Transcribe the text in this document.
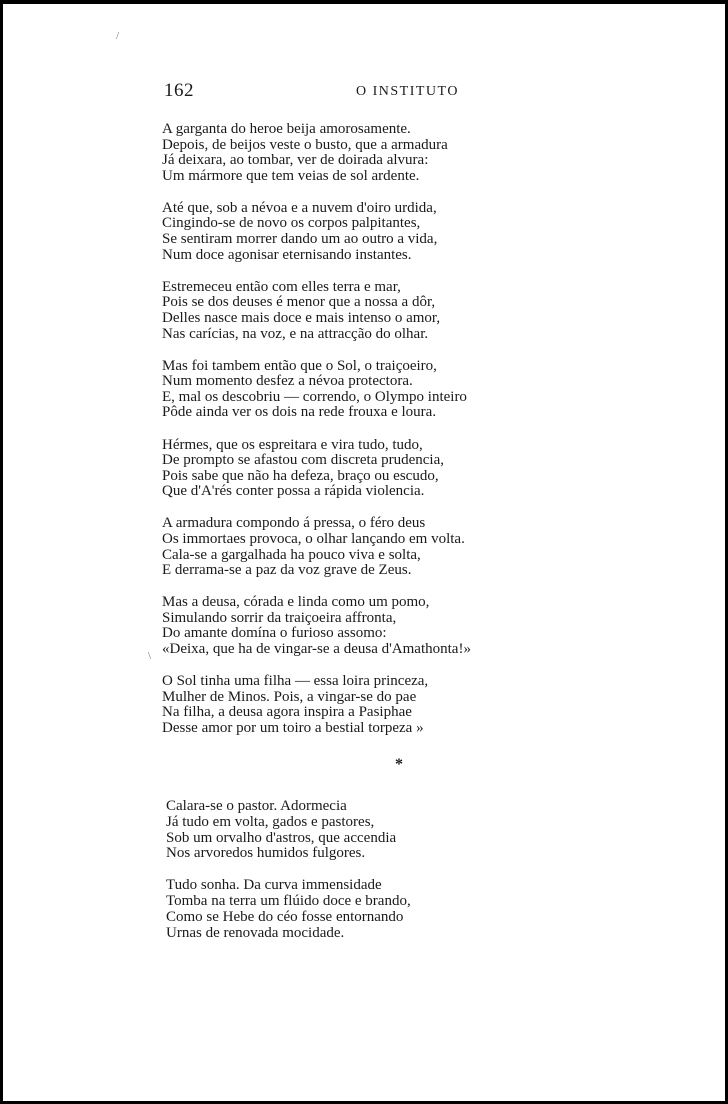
/
\
162	O INSTITUTO
A garganta do heroe beija amorosamente.
Depois, de beijos veste o busto, que a armadura
Já deixara, ao tombar, ver de doirada alvura:
Um mármore que tem veias de sol ardente.
Até que, sob a névoa e a nuvem d'oiro urdida,
Cingindo-se de novo os corpos palpitantes,
Se sentiram morrer dando um ao outro a vida,
Num doce agonisar eternisando instantes.
Estremeceu então com elles terra e mar,
Pois se dos deuses é menor que a nossa a dôr,
Delles nasce mais doce e mais intenso o amor,
Nas carícias, na voz, e na attracção do olhar.
Mas foi tambem então que o Sol, o traiçoeiro,
Num momento desfez a névoa protectora.
E, mal os descobriu — correndo, o Olympo inteiro
Pôde ainda ver os dois na rede frouxa e loura.
Hérmes, que os espreitara e vira tudo, tudo,
De prompto se afastou com discreta prudencia,
Pois sabe que não ha defeza, braço ou escudo,
Que d'A'rés conter possa a rápida violencia.
A armadura compondo á pressa, o féro deus
Os immortaes provoca, o olhar lançando em volta.
Cala-se a gargalhada ha pouco viva e solta,
E derrama-se a paz da voz grave de Zeus.
Mas a deusa, córada e linda como um pomo,
Simulando sorrir da traiçoeira affronta,
Do amante domína o furioso assomo:
«Deixa, que ha de vingar-se a deusa d'Amathonta!»
O Sol tinha uma filha — essa loira princeza,
Mulher de Minos. Pois, a vingar-se do pae
Na filha, a deusa agora inspira a Pasiphae
Desse amor por um toiro a bestial torpeza »
*
Calara-se o pastor. Adormecia
Já tudo em volta, gados e pastores,
Sob um orvalho d'astros, que accendia
Nos arvoredos humidos fulgores.
Tudo sonha. Da curva immensidade
Tomba na terra um flúido doce e brando,
Como se Hebe do céo fosse entornando
Urnas de renovada mocidade.
